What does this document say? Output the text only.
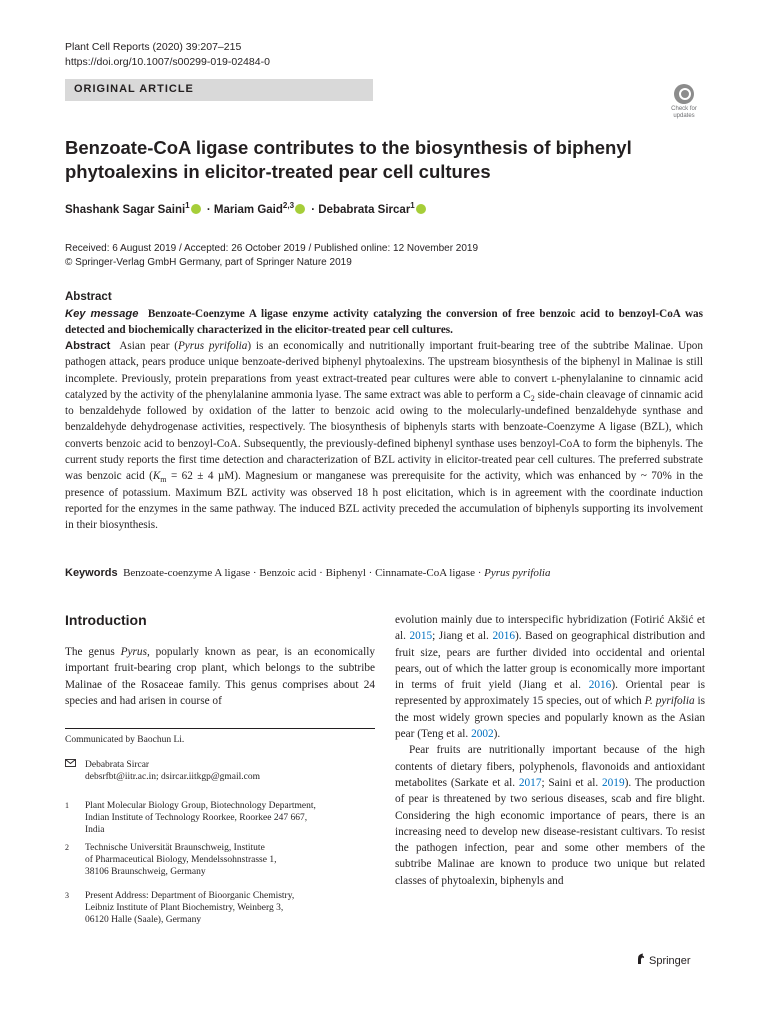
Plant Cell Reports (2020) 39:207–215
https://doi.org/10.1007/s00299-019-02484-0
ORIGINAL ARTICLE
Check for
updates
Benzoate-CoA ligase contributes to the biosynthesis of biphenyl phytoalexins in elicitor-treated pear cell cultures
Shashank Sagar Saini$^1$ · Mariam Gaid$^{2,3}$ · Debabrata Sircar$^1$
Received: 6 August 2019 / Accepted: 26 October 2019 / Published online: 12 November 2019
© Springer-Verlag GmbH Germany, part of Springer Nature 2019
Abstract
Key message Benzoate-Coenzyme A ligase enzyme activity catalyzing the conversion of free benzoic acid to benzoyl-CoA was detected and biochemically characterized in the elicitor-treated pear cell cultures.
Abstract Asian pear (Pyrus pyrifolia) is an economically and nutritionally important fruit-bearing tree of the subtribe Malinae. Upon pathogen attack, pears produce unique benzoate-derived biphenyl phytoalexins. The upstream biosynthesis of the biphenyl in Malinae is still incomplete. Previously, protein preparations from yeast extract-treated pear cultures were able to convert ʟ-phenylalanine to cinnamic acid catalyzed by the activity of the phenylalanine ammonia lyase. The same extract was able to perform a $C_2$ side-chain cleavage of cinnamic acid to benzaldehyde followed by oxidation of the latter to benzoic acid owing to the molecularly-undefined benzaldehyde synthase and benzaldehyde dehydrogenase activities, respectively. The biosynthesis of biphenyls starts with benzoate-Coenzyme A ligase (BZL), which converts benzoic acid to benzoyl-CoA. Subsequently, the previously-defined biphenyl synthase uses benzoyl-CoA to form the biphenyls. The current study reports the first time detection and characterization of BZL activity in elicitor-treated pear cell cultures. The preferred substrate was benzoic acid ($K_m = 62 \pm 4$ µM). Magnesium or manganese was prerequisite for the activity, which was enhanced by ~ 70% in the presence of potassium. Maximum BZL activity was observed 18 h post elicitation, which is in agreement with the coordinate induction reported for the enzymes in the same pathway. The induced BZL activity preceded the accumulation of biphenyls supporting its involvement in their biosynthesis.
Keywords Benzoate-coenzyme A ligase · Benzoic acid · Biphenyl · Cinnamate-CoA ligase · Pyrus pyrifolia
Introduction
The genus Pyrus, popularly known as pear, is an economically important fruit-bearing crop plant, which belongs to the subtribe Malinae of the Rosaceae family. This genus comprises about 24 species and had arisen in course of
evolution mainly due to interspecific hybridization (Fotirić Akšić et al. 2015; Jiang et al. 2016). Based on geographical distribution and fruit size, pears are further divided into occidental and oriental pears, out of which the latter group is economically more important in terms of fruit yield (Jiang et al. 2016). Oriental pear is represented by approximately 15 species, out of which P. pyrifolia is the most widely grown species and popularly known as the Asian pear (Teng et al. 2002).
Pear fruits are nutritionally important because of the high contents of dietary fibers, polyphenols, flavonoids and antioxidant metabolites (Sarkate et al. 2017; Saini et al. 2019). The production of pear is threatened by two serious diseases, scab and fire blight. Considering the high economic importance of pears, there is an increasing need to develop new disease-resistant cultivars. To resist the pathogen infection, pear and some other members of the subtribe Malinae are known to produce two unique but related classes of phytoalexin, biphenyls and
Communicated by Baochun Li.
Debabrata Sircar
debsrfbt@iitr.ac.in; dsircar.iitkgp@gmail.com
1 Plant Molecular Biology Group, Biotechnology Department,
Indian Institute of Technology Roorkee, Roorkee 247 667,
India
2 Technische Universität Braunschweig, Institute
of Pharmaceutical Biology, Mendelssohnstrasse 1,
38106 Braunschweig, Germany
3 Present Address: Department of Bioorganic Chemistry,
Leibniz Institute of Plant Biochemistry, Weinberg 3,
06120 Halle (Saale), Germany
Springer
